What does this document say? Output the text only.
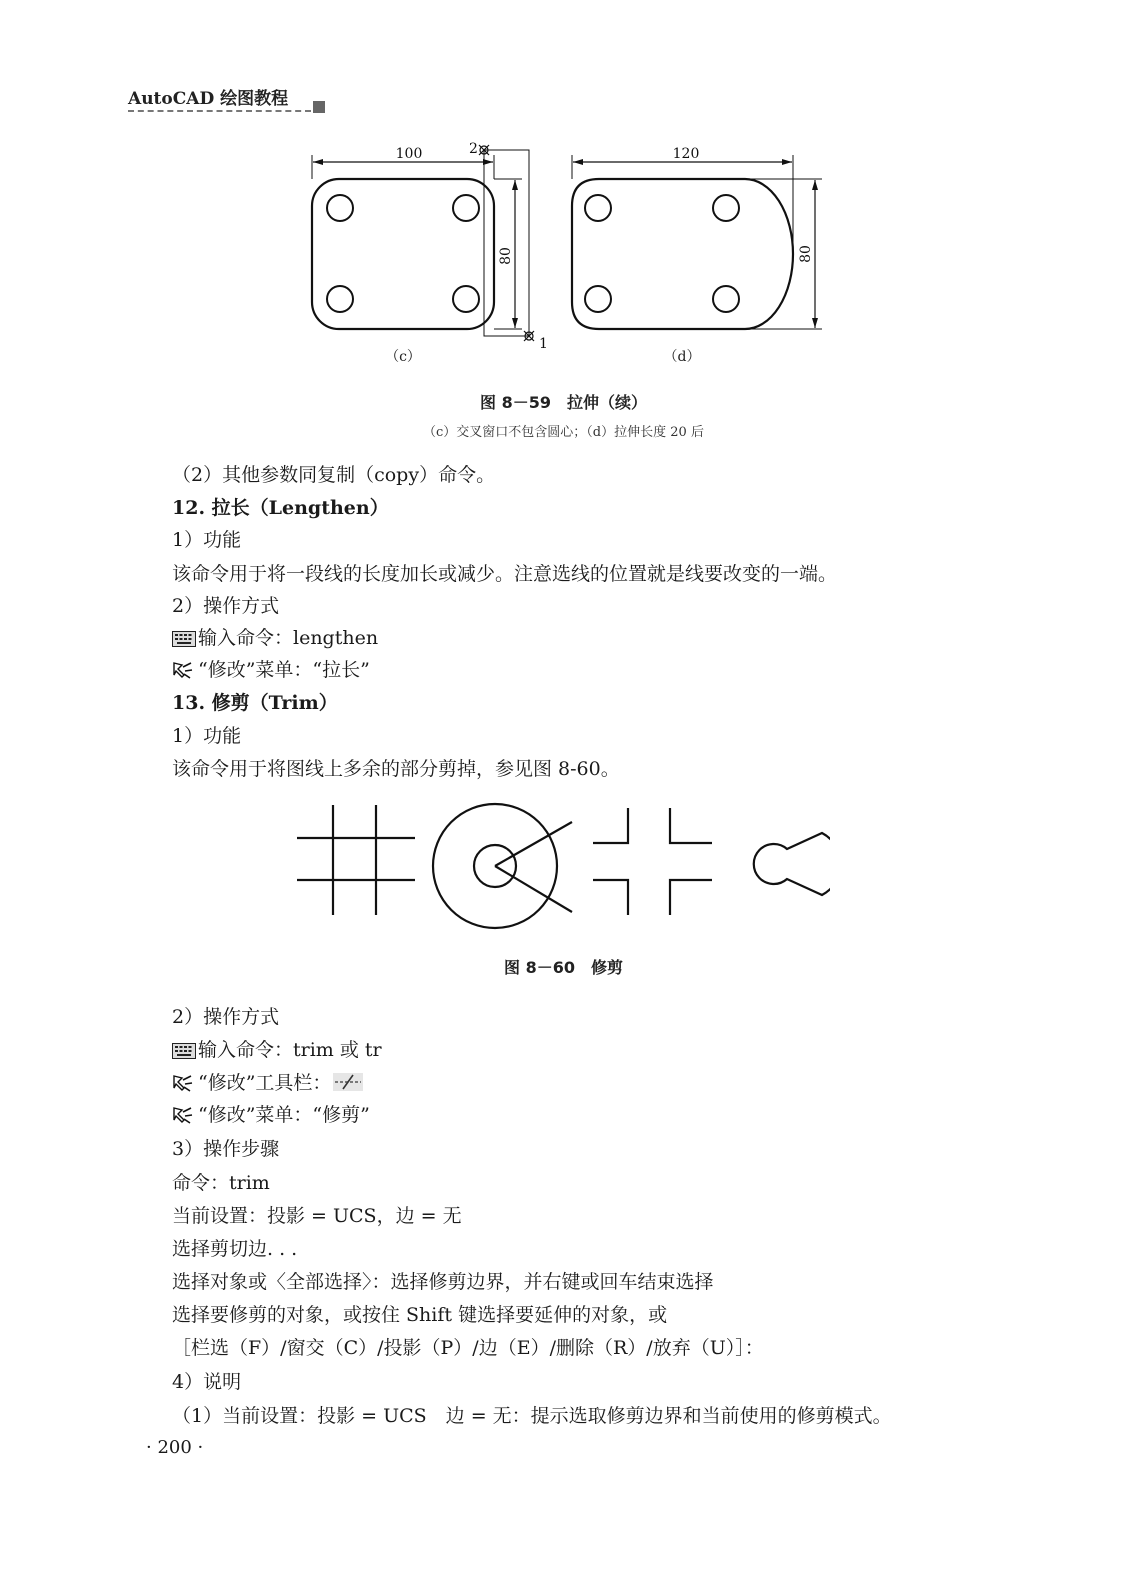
AutoCAD 绘图教程
100
80
2
1
（c）
120
80
（d）
图 8－59　拉伸（续）
（c）交叉窗口不包含圆心；（d）拉伸长度 20 后
（2）其他参数同复制（copy）命令。
12. 拉长（Lengthen）
1）功能
该命令用于将一段线的长度加长或减少。注意选线的位置就是线要改变的一端。
2）操作方式
输入命令：lengthen
“修改”菜单：“拉长”
13. 修剪（Trim）
1）功能
该命令用于将图线上多余的部分剪掉，参见图 8-60。
图 8－60　修剪
2）操作方式
输入命令：trim 或 tr
“修改”工具栏：
“修改”菜单：“修剪”
3）操作步骤
命令：trim
当前设置：投影 = UCS，边 = 无
选择剪切边. . .
选择对象或〈全部选择〉：选择修剪边界，并右键或回车结束选择
选择要修剪的对象，或按住 Shift 键选择要延伸的对象，或
［栏选（F）/窗交（C）/投影（P）/边（E）/删除（R）/放弃（U）］：
4）说明
（1）当前设置：投影 = UCS　边 = 无：提示选取修剪边界和当前使用的修剪模式。
· 200 ·
